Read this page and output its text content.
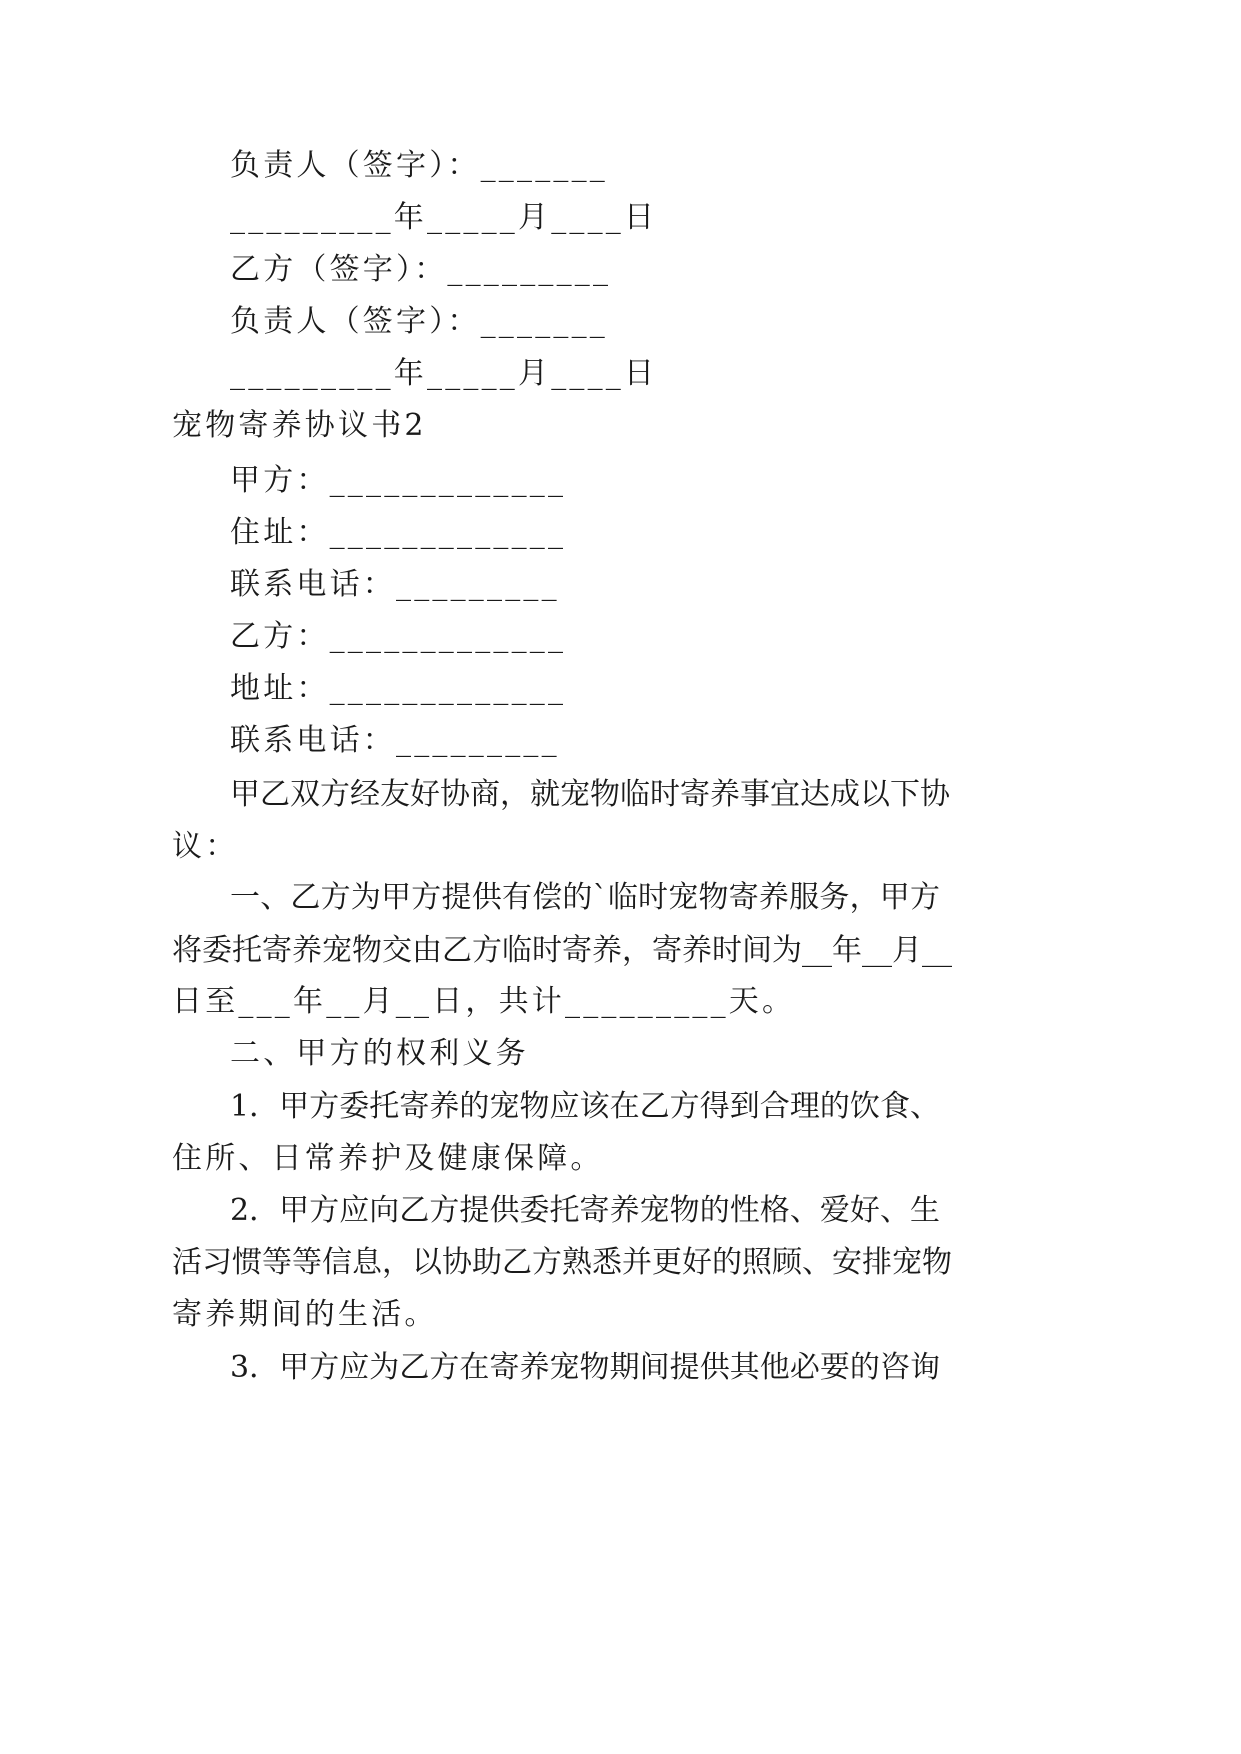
负责人（签字）：_______
_________年_____月____日
乙方（签字）：_________
负责人（签字）：_______
_________年_____月____日
宠物寄养协议书2
甲方：_____________
住址：_____________
联系电话：_________
乙方：_____________
地址：_____________
联系电话：_________
甲乙双方经友好协商，就宠物临时寄养事宜达成以下协
议：
一、乙方为甲方提供有偿的`临时宠物寄养服务，甲方
将委托寄养宠物交由乙方临时寄养，寄养时间为__年__月__
日至___年__月__日，共计_________天。
二、甲方的权利义务
1．甲方委托寄养的宠物应该在乙方得到合理的饮食、
住所、日常养护及健康保障。
2．甲方应向乙方提供委托寄养宠物的性格、爱好、生
活习惯等等信息，以协助乙方熟悉并更好的照顾、安排宠物
寄养期间的生活。
3．甲方应为乙方在寄养宠物期间提供其他必要的咨询
